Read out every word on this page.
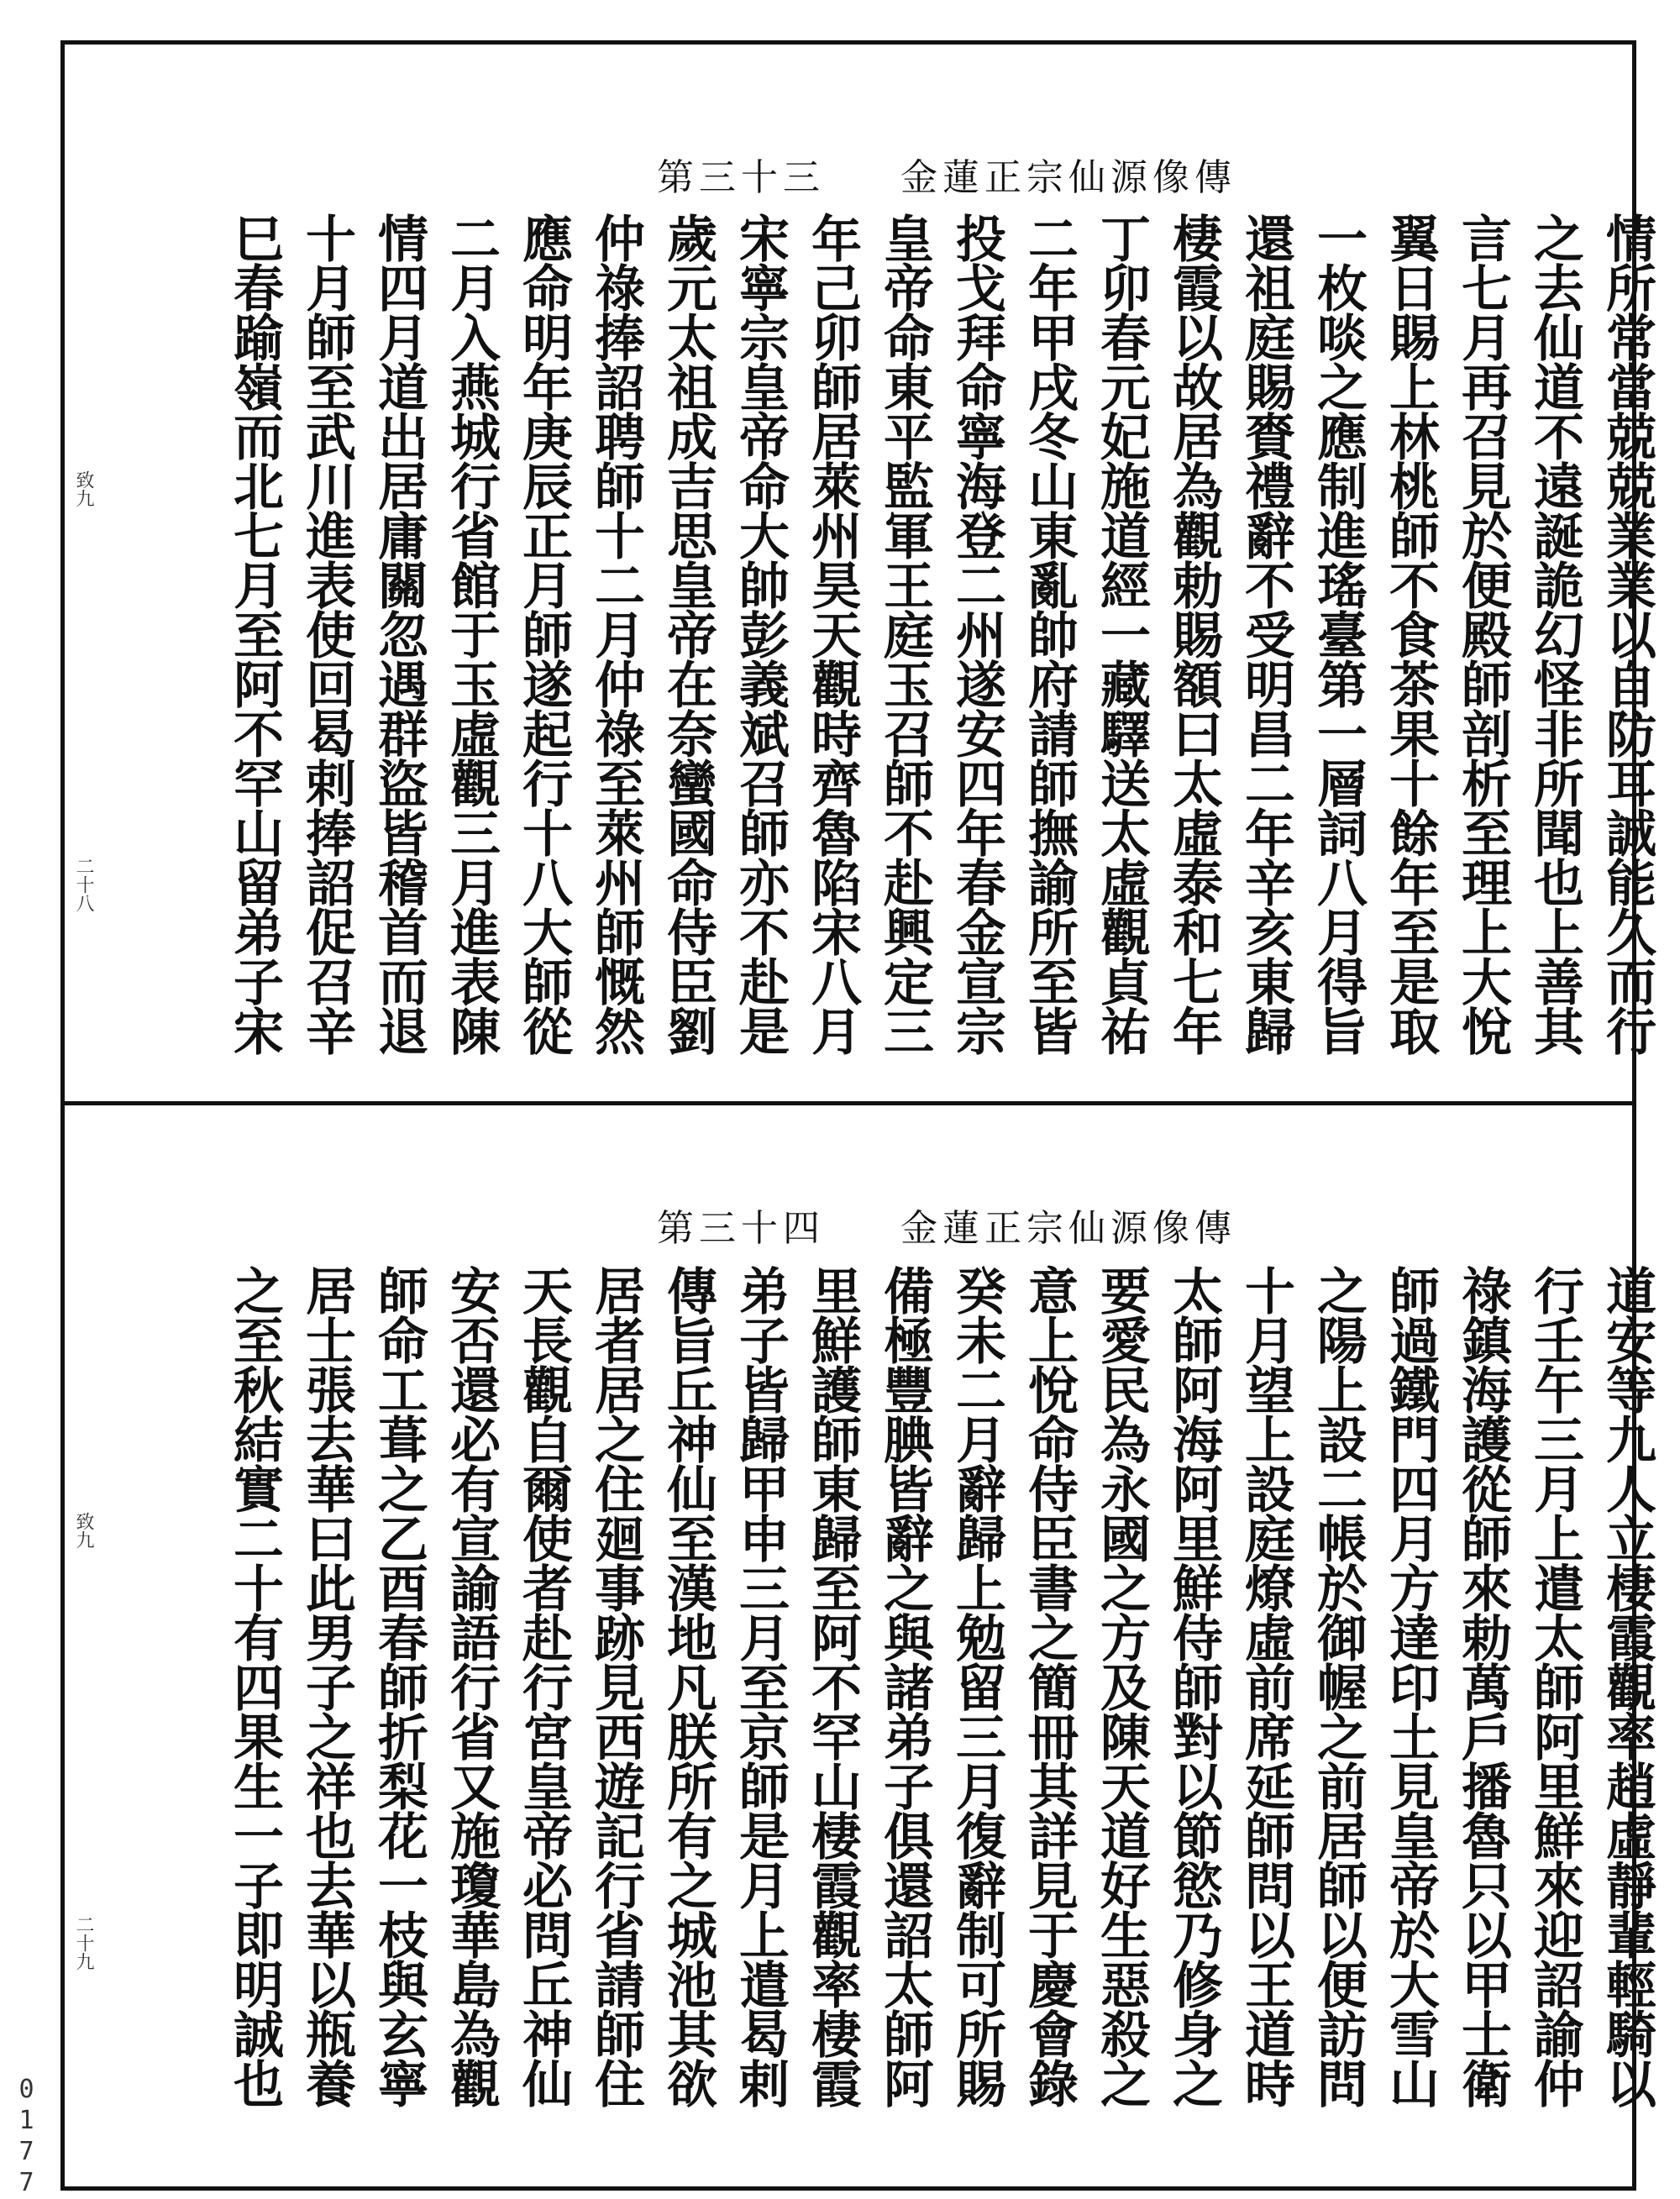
第三十三 金蓮正宗仙源像傳
情所常當兢兢業業以自防耳誠能久而行
之去仙道不遠誕詭幻怪非所聞也上善其
言七月再召見於便殿師剖析至理上大悅
翼日賜上林桃師不食茶果十餘年至是取
一枚啖之應制進瑤臺第一層詞八月得旨
還祖庭賜賚禮辭不受明昌二年辛亥東歸
棲霞以故居為觀勅賜額曰太虛泰和七年
丁卯春元妃施道經一藏驛送太虛觀貞祐
二年甲戌冬山東亂帥府請師撫諭所至皆
投戈拜命寧海登二州遂安四年春金宣宗
皇帝命東平監軍王庭玉召師不赴興定三
年己卯師居萊州昊天觀時齊魯陷宋八月
宋寧宗皇帝命大帥彭義斌召師亦不赴是
歲元太祖成吉思皇帝在奈蠻國命侍臣劉
仲祿捧詔聘師十二月仲祿至萊州師慨然
應命明年庚辰正月師遂起行十八大師從
二月入燕城行省館于玉虛觀三月進表陳
情四月道出居庸關忽遇群盜皆稽首而退
十月師至武川進表使回曷剌捧詔促召辛
巳春踰嶺而北七月至阿不罕山留弟子宋
致九
二十八
第三十四 金蓮正宗仙源像傳
道安等九人立棲霞觀率趙虛靜輩輕騎以
行壬午三月上遣太師阿里鮮來迎詔諭仲
祿鎮海護從師來勅萬戶播魯只以甲士衛
師過鐵門四月方達印土見皇帝於大雪山
之陽上設二帳於御幄之前居師以便訪問
十月望上設庭燎虛前席延師問以王道時
太師阿海阿里鮮侍師對以節慾乃修身之
要愛民為永國之方及陳天道好生惡殺之
意上悅命侍臣書之簡冊其詳見于慶會錄
癸未二月辭歸上勉留三月復辭制可所賜
備極豐腆皆辭之與諸弟子俱還詔太師阿
里鮮護師東歸至阿不罕山棲霞觀率棲霞
弟子皆歸甲申三月至京師是月上遣曷剌
傳旨丘神仙至漢地凡朕所有之城池其欲
居者居之住廻事跡見西遊記行省請師住
天長觀自爾使者赴行宮皇帝必問丘神仙
安否還必有宣諭語行省又施瓊華島為觀
師命工葺之乙酉春師折梨花一枝與玄寧
居士張去華曰此男子之祥也去華以瓶養
之至秋結實二十有四果生一子即明誠也
致九
二十九
0177
